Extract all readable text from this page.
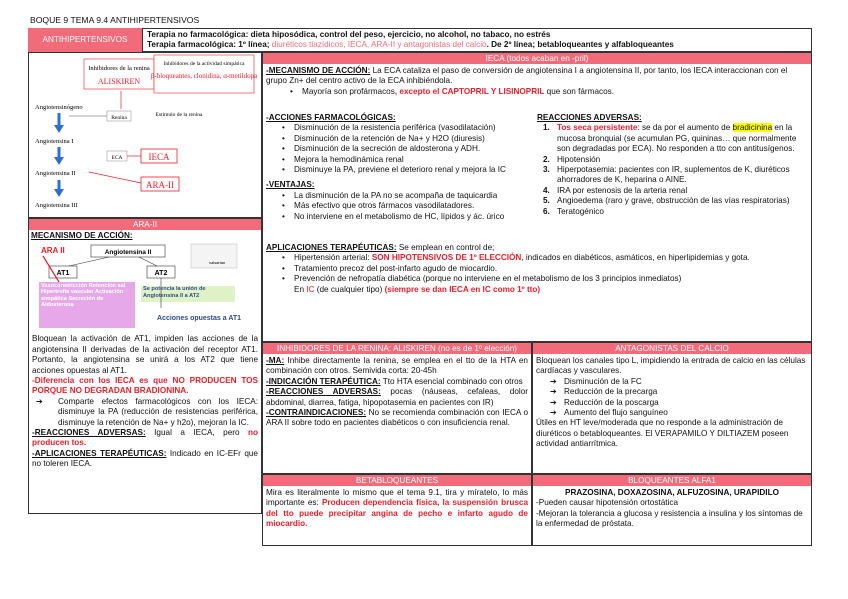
BOQUE 9 TEMA 9.4 ANTIHIPERTENSIVOS
ANTIHIPERTENSIVOS
Terapia no farmacológica: dieta hiposódica, control del peso, ejercicio, no alcohol, no tabaco, no estrés
Terapia farmacológica: 1º línea; diuréticos tiazídicos, IECA, ARA-II y antagonistas del calcio. De 2º línea; betabloqueantes y alfabloqueantes
Inhibidores de la renina
ALISKIREN
Inhibidores de la actividad simpática
β-bloqueantes, clonidina, α-metildopa
Angiotensinógeno
Renina	Estímulo de la renina
Angiotensina I
ECA	IECA
Angiotensina II
ARA-II
Angiotensina III
ARA-II
MECANISMO DE ACCIÓN:
ARA II	Angiotensina II
valsartan
AT1	AT2
Vasoconstricción Retención sal Hipertrofia vascular Activación simpática Secreción de Aldosterona
Se potencia la unión de Angiotensina II a AT2
Acciones opuestas a AT1
Bloquean la activación de AT1, impiden las acciones de la angiotensina II derivadas de la activación del receptor AT1. Portanto, la angiotensina se unirá a los AT2 que tiene acciones opuestas al AT1.
-Diferencia con los IECA es que NO PRODUCEN TOS PORQUE NO DEGRADAN BRADIONINA.
➔ Comparte efectos farmacológicos con los IECA: disminuye la PA (reducción de resistencias periférica, disminuye la retención de Na+ y h2o), mejoran la IC.
-REACCIONES ADVERSAS: Igual a IECA, pero no producen tos.
-APLICACIONES TERAPÉUTICAS: Indicado en IC-EFr que no toleren IECA.
IECA (todos acaban en -pril)
-MECANISMO DE ACCIÓN: La ECA cataliza el paso de conversión de angiotensina I a angiotensina II, por tanto, los IECA interaccionan con el grupo Zn+ del centro activo de la ECA inhibiéndola.
• Mayoría son profármacos, excepto el CAPTOPRIL Y LISINOPRIL que son fármacos.
-ACCIONES FARMACOLÓGICAS:
• Disminución de la resistencia periférica (vasodilatación)
• Disminución de la retención de Na+ y H2O (diuresis)
• Disminución de la secreción de aldosterona y ADH.
• Mejora la hemodinámica renal
• Disminuye la PA, previene el deterioro renal y mejora la IC
-VENTAJAS:
• La disminución de la PA no se acompaña de taquicardia
• Más efectivo que otros fármacos vasodilatadores.
• No interviene en el metabolismo de HC, lípidos y ác. úrico
REACCIONES ADVERSAS:
1. Tos seca persistente: se da por el aumento de bradicinina en la mucosa bronquial (se acumulan PG, quininas… que normalmente son degradadas por ECA). No responden a tto con antitusígenos.
2. Hipotensión
3. Hiperpotasemia: pacientes con IR, suplementos de K, diuréticos ahorradores de K, heparina o AINE.
4. IRA por estenosis de la arteria renal
5. Angioedema (raro y grave, obstrucción de las vías respiratorias)
6. Teratogénico
APLICACIONES TERAPÉUTICAS: Se emplean en control de;
• Hipertensión arterial: SON HIPOTENSIVOS DE 1º ELECCIÓN, indicados en diabéticos, asmáticos, en hiperlipidemias y gota.
• Tratamiento precoz del post-infarto agudo de miocardio.
• Prevención de nefropatía diabética (porque no interviene en el metabolismo de los 3 principios inmediatos)
En IC (de cualquier tipo) (siempre se dan IECA en IC como 1º tto)
INHIBIDORES DE LA RENINA: ALISKIREN (no es de 1º elección)
-MA: Inhibe directamente la renina, se emplea en el tto de la HTA en combinación con otros. Semivida corta: 20-45h
-INDICACIÓN TERAPÉUTICA: Tto HTA esencial combinado con otros
-REACCIONES ADVERSAS: pocas (náuseas, cefaleas, dolor abdominal, diarrea, fatiga, hipopotasemia en pacientes con IR)
-CONTRAINDICACIONES: No se recomienda combinación con IECA o ARA II sobre todo en pacientes diabéticos o con insuficiencia renal.
ANTAGONISTAS DEL CALCIO
Bloquean los canales tipo L, impidiendo la entrada de calcio en las células cardíacas y vasculares.
➔ Disminución de la FC
➔ Reducción de la precarga
➔ Reducción de la poscarga
➔ Aumento del flujo sanguíneo
Útiles en HT leve/moderada que no responde a la administración de diuréticos o betabloqueantes. El VERAPAMILO Y DILTIAZEM poseen actividad antiarrítmica.
BETABLOQUEANTES
Mira es literalmente lo mismo que el tema 9.1, tira y míratelo, lo más importante es: Producen dependencia física, la suspensión brusca del tto puede precipitar angina de pecho e infarto agudo de miocardio.
BLOQUEANTES ALFA1
PRAZOSINA, DOXAZOSINA, ALFUZOSINA, URAPIDILO
-Pueden causar hipotensión ortostática
-Mejoran la tolerancia a glucosa y resistencia a insulina y los síntomas de la enfermedad de próstata.
